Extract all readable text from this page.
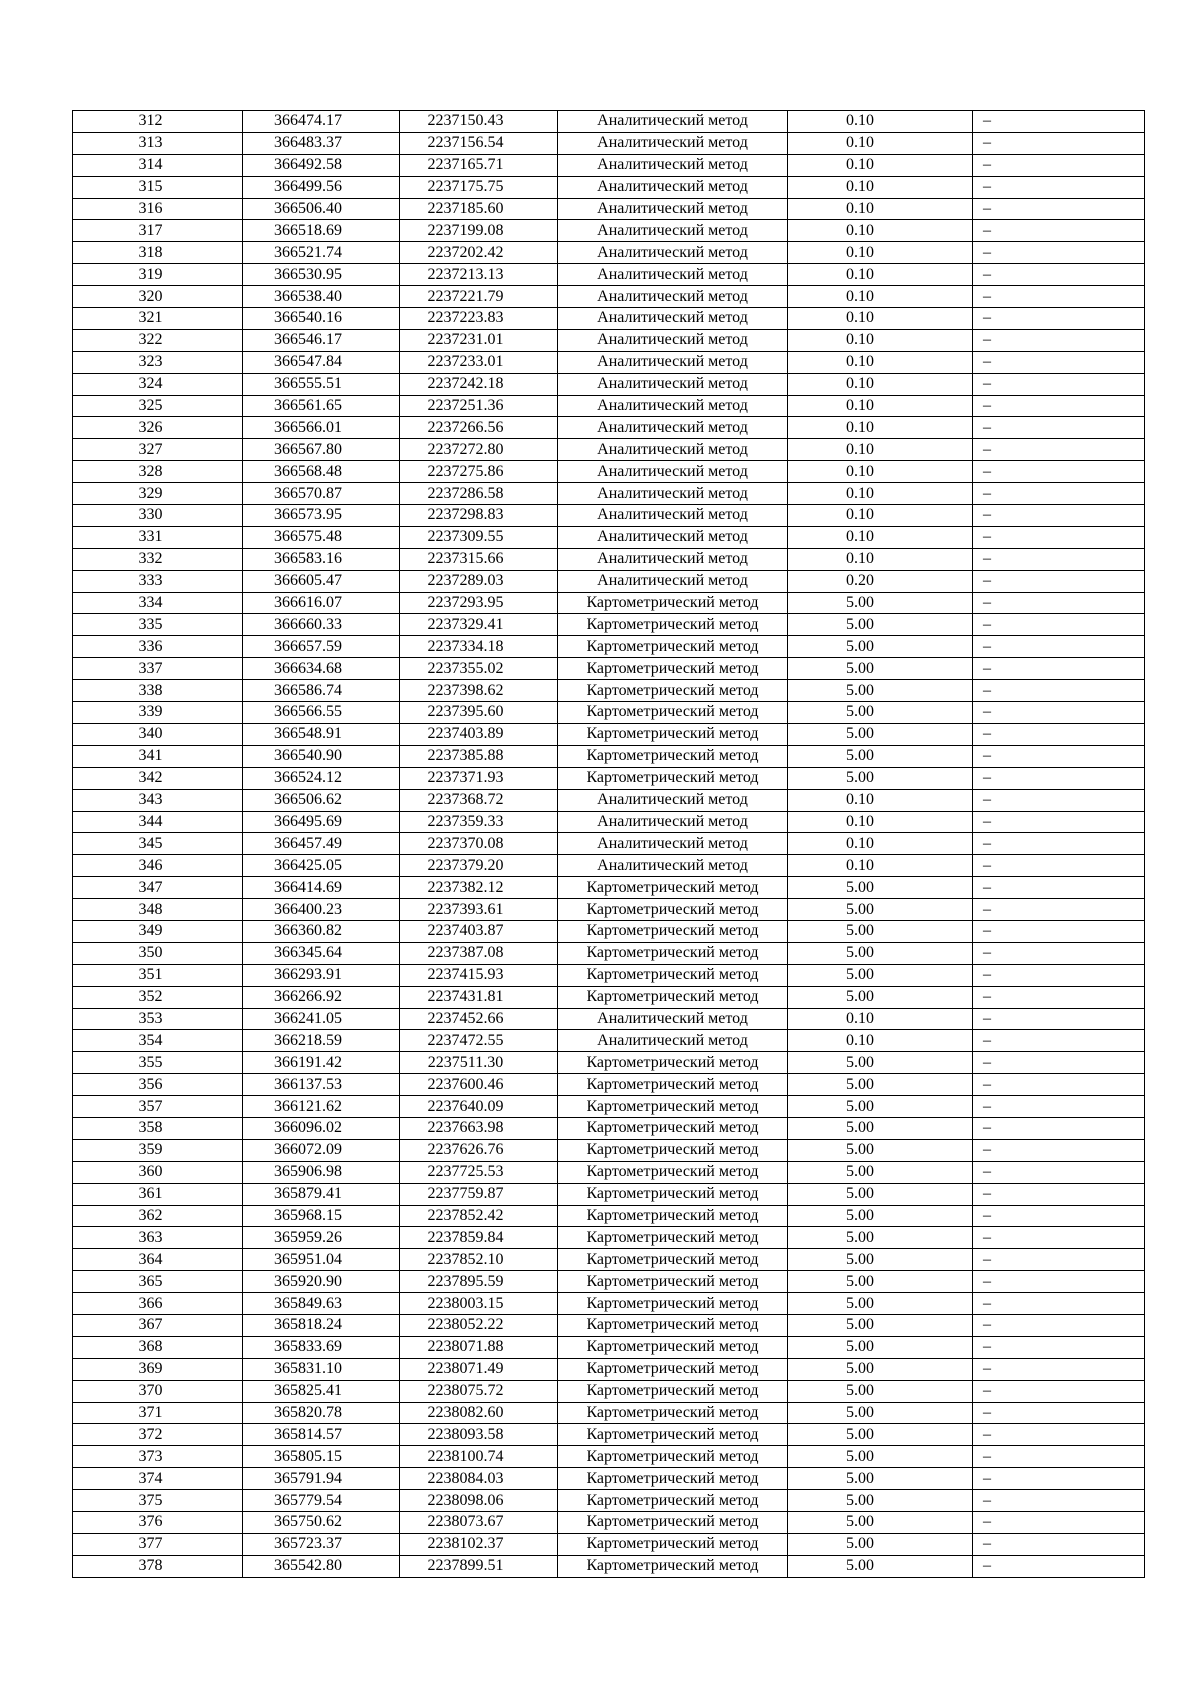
312	366474.17	2237150.43	Аналитический метод	0.10	–
313	366483.37	2237156.54	Аналитический метод	0.10	–
314	366492.58	2237165.71	Аналитический метод	0.10	–
315	366499.56	2237175.75	Аналитический метод	0.10	–
316	366506.40	2237185.60	Аналитический метод	0.10	–
317	366518.69	2237199.08	Аналитический метод	0.10	–
318	366521.74	2237202.42	Аналитический метод	0.10	–
319	366530.95	2237213.13	Аналитический метод	0.10	–
320	366538.40	2237221.79	Аналитический метод	0.10	–
321	366540.16	2237223.83	Аналитический метод	0.10	–
322	366546.17	2237231.01	Аналитический метод	0.10	–
323	366547.84	2237233.01	Аналитический метод	0.10	–
324	366555.51	2237242.18	Аналитический метод	0.10	–
325	366561.65	2237251.36	Аналитический метод	0.10	–
326	366566.01	2237266.56	Аналитический метод	0.10	–
327	366567.80	2237272.80	Аналитический метод	0.10	–
328	366568.48	2237275.86	Аналитический метод	0.10	–
329	366570.87	2237286.58	Аналитический метод	0.10	–
330	366573.95	2237298.83	Аналитический метод	0.10	–
331	366575.48	2237309.55	Аналитический метод	0.10	–
332	366583.16	2237315.66	Аналитический метод	0.10	–
333	366605.47	2237289.03	Аналитический метод	0.20	–
334	366616.07	2237293.95	Картометрический метод	5.00	–
335	366660.33	2237329.41	Картометрический метод	5.00	–
336	366657.59	2237334.18	Картометрический метод	5.00	–
337	366634.68	2237355.02	Картометрический метод	5.00	–
338	366586.74	2237398.62	Картометрический метод	5.00	–
339	366566.55	2237395.60	Картометрический метод	5.00	–
340	366548.91	2237403.89	Картометрический метод	5.00	–
341	366540.90	2237385.88	Картометрический метод	5.00	–
342	366524.12	2237371.93	Картометрический метод	5.00	–
343	366506.62	2237368.72	Аналитический метод	0.10	–
344	366495.69	2237359.33	Аналитический метод	0.10	–
345	366457.49	2237370.08	Аналитический метод	0.10	–
346	366425.05	2237379.20	Аналитический метод	0.10	–
347	366414.69	2237382.12	Картометрический метод	5.00	–
348	366400.23	2237393.61	Картометрический метод	5.00	–
349	366360.82	2237403.87	Картометрический метод	5.00	–
350	366345.64	2237387.08	Картометрический метод	5.00	–
351	366293.91	2237415.93	Картометрический метод	5.00	–
352	366266.92	2237431.81	Картометрический метод	5.00	–
353	366241.05	2237452.66	Аналитический метод	0.10	–
354	366218.59	2237472.55	Аналитический метод	0.10	–
355	366191.42	2237511.30	Картометрический метод	5.00	–
356	366137.53	2237600.46	Картометрический метод	5.00	–
357	366121.62	2237640.09	Картометрический метод	5.00	–
358	366096.02	2237663.98	Картометрический метод	5.00	–
359	366072.09	2237626.76	Картометрический метод	5.00	–
360	365906.98	2237725.53	Картометрический метод	5.00	–
361	365879.41	2237759.87	Картометрический метод	5.00	–
362	365968.15	2237852.42	Картометрический метод	5.00	–
363	365959.26	2237859.84	Картометрический метод	5.00	–
364	365951.04	2237852.10	Картометрический метод	5.00	–
365	365920.90	2237895.59	Картометрический метод	5.00	–
366	365849.63	2238003.15	Картометрический метод	5.00	–
367	365818.24	2238052.22	Картометрический метод	5.00	–
368	365833.69	2238071.88	Картометрический метод	5.00	–
369	365831.10	2238071.49	Картометрический метод	5.00	–
370	365825.41	2238075.72	Картометрический метод	5.00	–
371	365820.78	2238082.60	Картометрический метод	5.00	–
372	365814.57	2238093.58	Картометрический метод	5.00	–
373	365805.15	2238100.74	Картометрический метод	5.00	–
374	365791.94	2238084.03	Картометрический метод	5.00	–
375	365779.54	2238098.06	Картометрический метод	5.00	–
376	365750.62	2238073.67	Картометрический метод	5.00	–
377	365723.37	2238102.37	Картометрический метод	5.00	–
378	365542.80	2237899.51	Картометрический метод	5.00	–
